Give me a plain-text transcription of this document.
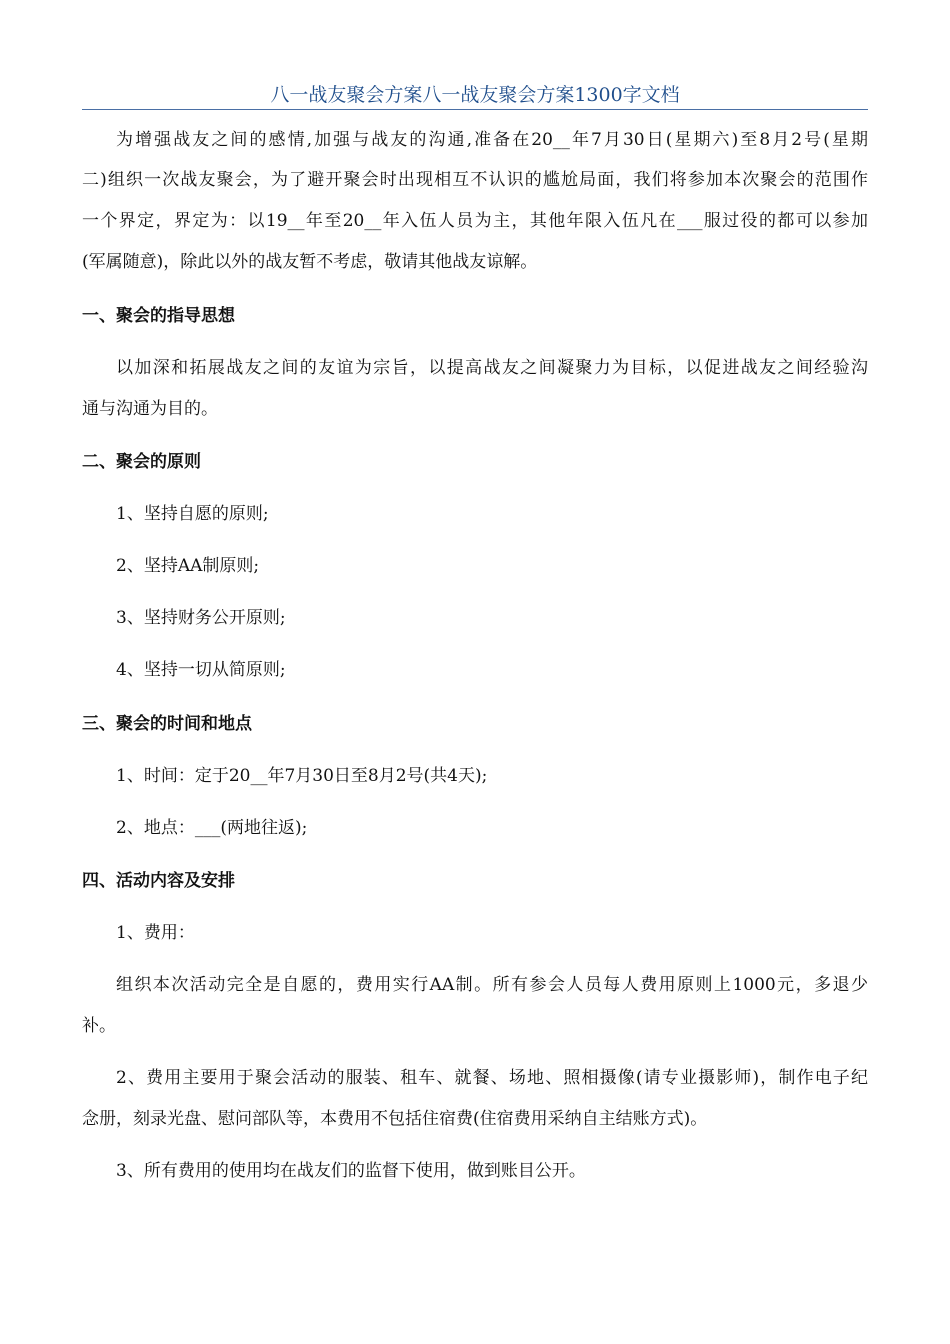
八一战友聚会方案八一战友聚会方案1300字文档
为增强战友之间的感情,加强与战友的沟通,准备在20__年7月30日(星期六)至8月2号(星期
二)组织一次战友聚会，为了避开聚会时出现相互不认识的尴尬局面，我们将参加本次聚会的范围作
一个界定，界定为：以19__年至20__年入伍人员为主，其他年限入伍凡在___服过役的都可以参加
(军属随意)，除此以外的战友暂不考虑，敬请其他战友谅解。
一、聚会的指导思想
以加深和拓展战友之间的友谊为宗旨，以提高战友之间凝聚力为目标，以促进战友之间经验沟
通与沟通为目的。
二、聚会的原则
1、坚持自愿的原则;
2、坚持AA制原则;
3、坚持财务公开原则;
4、坚持一切从简原则;
三、聚会的时间和地点
1、时间：定于20__年7月30日至8月2号(共4天);
2、地点：___(两地往返);
四、活动内容及安排
1、费用：
组织本次活动完全是自愿的，费用实行AA制。所有参会人员每人费用原则上1000元，多退少
补。
2、费用主要用于聚会活动的服装、租车、就餐、场地、照相摄像(请专业摄影师)，制作电子纪
念册，刻录光盘、慰问部队等，本费用不包括住宿费(住宿费用采纳自主结账方式)。
3、所有费用的使用均在战友们的监督下使用，做到账目公开。
